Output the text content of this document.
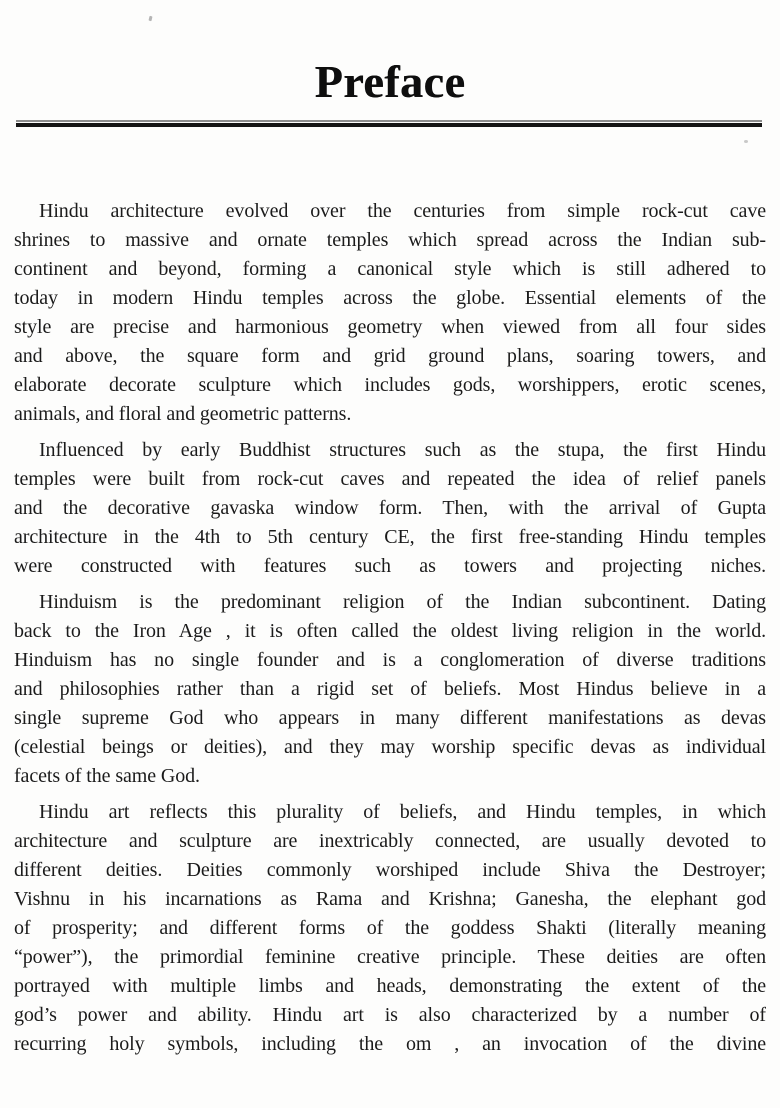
Preface
Hindu architecture evolved over the centuries from simple rock-cut cave
shrines to massive and ornate temples which spread across the Indian sub-
continent and beyond, forming a canonical style which is still adhered to
today in modern Hindu temples across the globe. Essential elements of the
style are precise and harmonious geometry when viewed from all four sides
and above, the square form and grid ground plans, soaring towers, and
elaborate decorate sculpture which includes gods, worshippers, erotic scenes,
animals, and floral and geometric patterns.
Influenced by early Buddhist structures such as the stupa, the first Hindu
temples were built from rock-cut caves and repeated the idea of relief panels
and the decorative gavaska window form. Then, with the arrival of Gupta
architecture in the 4th to 5th century CE, the first free-standing Hindu temples
were constructed with features such as towers and projecting niches.
Hinduism is the predominant religion of the Indian subcontinent. Dating
back to the Iron Age , it is often called the oldest living religion in the world.
Hinduism has no single founder and is a conglomeration of diverse traditions
and philosophies rather than a rigid set of beliefs. Most Hindus believe in a
single supreme God who appears in many different manifestations as devas
(celestial beings or deities), and they may worship specific devas as individual
facets of the same God.
Hindu art reflects this plurality of beliefs, and Hindu temples, in which
architecture and sculpture are inextricably connected, are usually devoted to
different deities. Deities commonly worshiped include Shiva the Destroyer;
Vishnu in his incarnations as Rama and Krishna; Ganesha, the elephant god
of prosperity; and different forms of the goddess Shakti (literally meaning
“power”), the primordial feminine creative principle. These deities are often
portrayed with multiple limbs and heads, demonstrating the extent of the
god’s power and ability. Hindu art is also characterized by a number of
recurring holy symbols, including the om , an invocation of the divine
